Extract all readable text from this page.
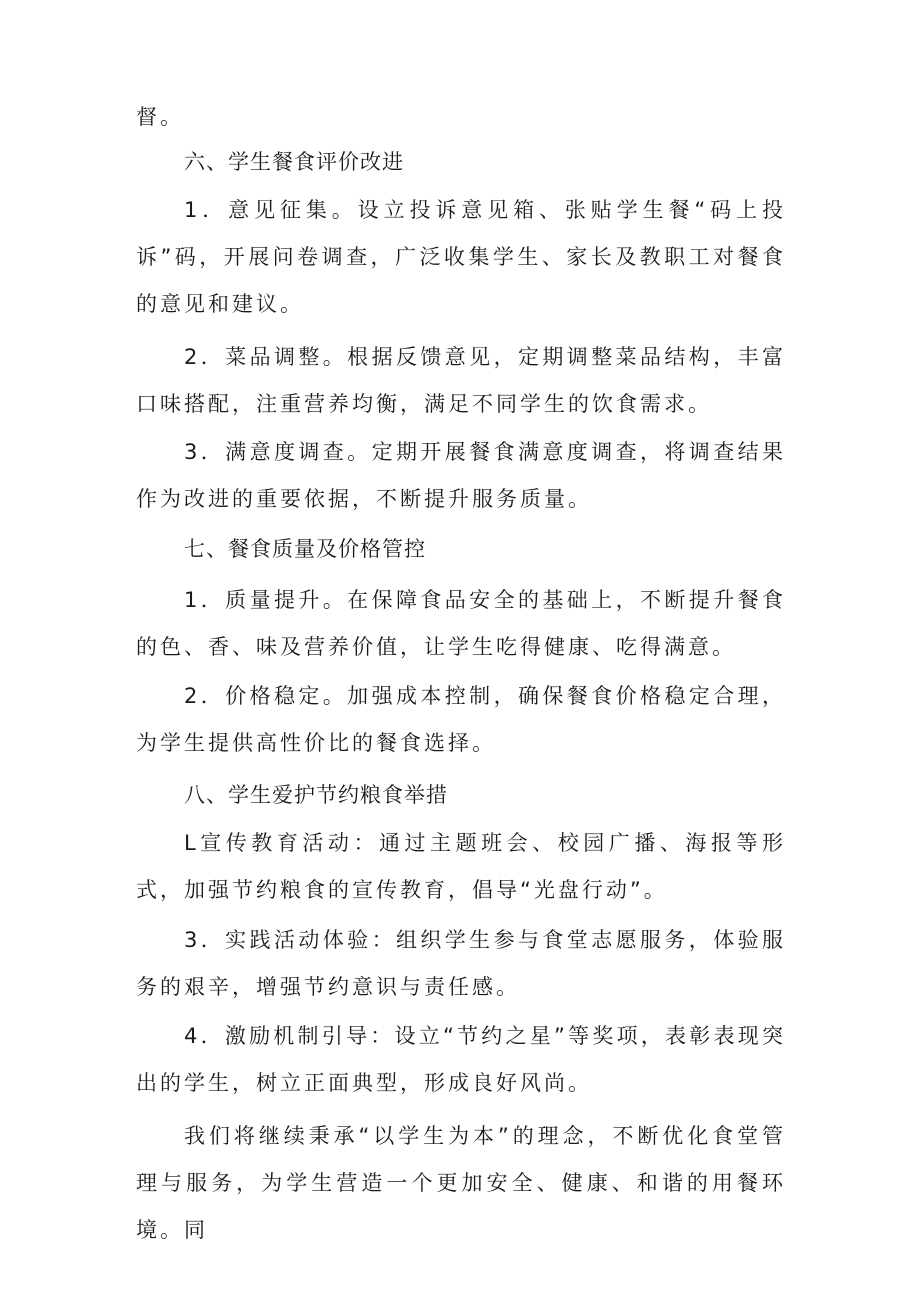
督。

六、学生餐食评价改进

1．意见征集。设立投诉意见箱、张贴学生餐“码上投诉”码，开展问卷调查，广泛收集学生、家长及教职工对餐食的意见和建议。

2．菜品调整。根据反馈意见，定期调整菜品结构，丰富口味搭配，注重营养均衡，满足不同学生的饮食需求。

3．满意度调查。定期开展餐食满意度调查，将调查结果作为改进的重要依据，不断提升服务质量。

七、餐食质量及价格管控

1．质量提升。在保障食品安全的基础上，不断提升餐食的色、香、味及营养价值，让学生吃得健康、吃得满意。

2．价格稳定。加强成本控制，确保餐食价格稳定合理，为学生提供高性价比的餐食选择。

八、学生爱护节约粮食举措

L宣传教育活动：通过主题班会、校园广播、海报等形式，加强节约粮食的宣传教育，倡导“光盘行动”。

3．实践活动体验：组织学生参与食堂志愿服务，体验服务的艰辛，增强节约意识与责任感。

4．激励机制引导：设立“节约之星”等奖项，表彰表现突出的学生，树立正面典型，形成良好风尚。

我们将继续秉承“以学生为本”的理念，不断优化食堂管理与服务，为学生营造一个更加安全、健康、和谐的用餐环境。同
